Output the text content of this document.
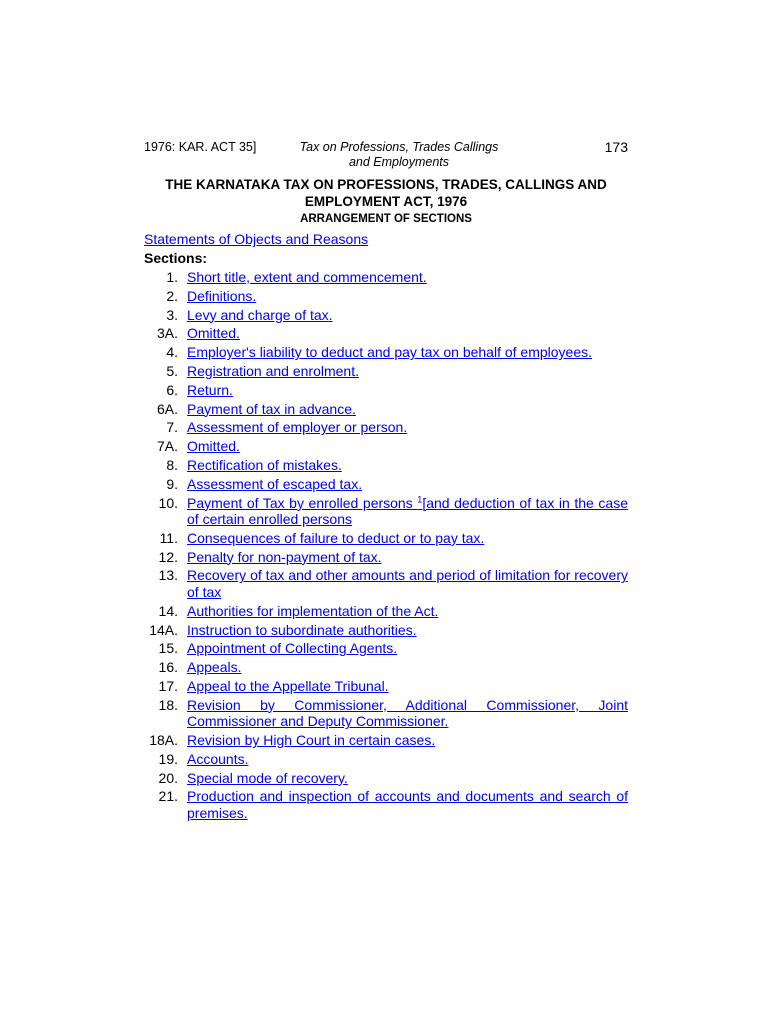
1976: KAR. ACT 35]	Tax on Professions, Trades Callings
and Employments
173
THE KARNATAKA TAX ON PROFESSIONS, TRADES, CALLINGS AND
EMPLOYMENT ACT, 1976
ARRANGEMENT OF SECTIONS
Statements of Objects and Reasons
Sections:
1. Short title, extent and commencement.
2. Definitions.
3. Levy and charge of tax.
3A. Omitted.
4. Employer's liability to deduct and pay tax on behalf of employees.
5. Registration and enrolment.
6. Return.
6A. Payment of tax in advance.
7. Assessment of employer or person.
7A. Omitted.
8. Rectification of mistakes.
9. Assessment of escaped tax.
10. Payment of Tax by enrolled persons $^1$[and deduction of tax in the case of certain enrolled persons
11. Consequences of failure to deduct or to pay tax.
12. Penalty for non-payment of tax.
13. Recovery of tax and other amounts and period of limitation for recovery of tax
14. Authorities for implementation of the Act.
14A. Instruction to subordinate authorities.
15. Appointment of Collecting Agents.
16. Appeals.
17. Appeal to the Appellate Tribunal.
18. Revision by Commissioner, Additional Commissioner, Joint Commissioner and Deputy Commissioner.
18A. Revision by High Court in certain cases.
19. Accounts.
20. Special mode of recovery.
21. Production and inspection of accounts and documents and search of premises.
